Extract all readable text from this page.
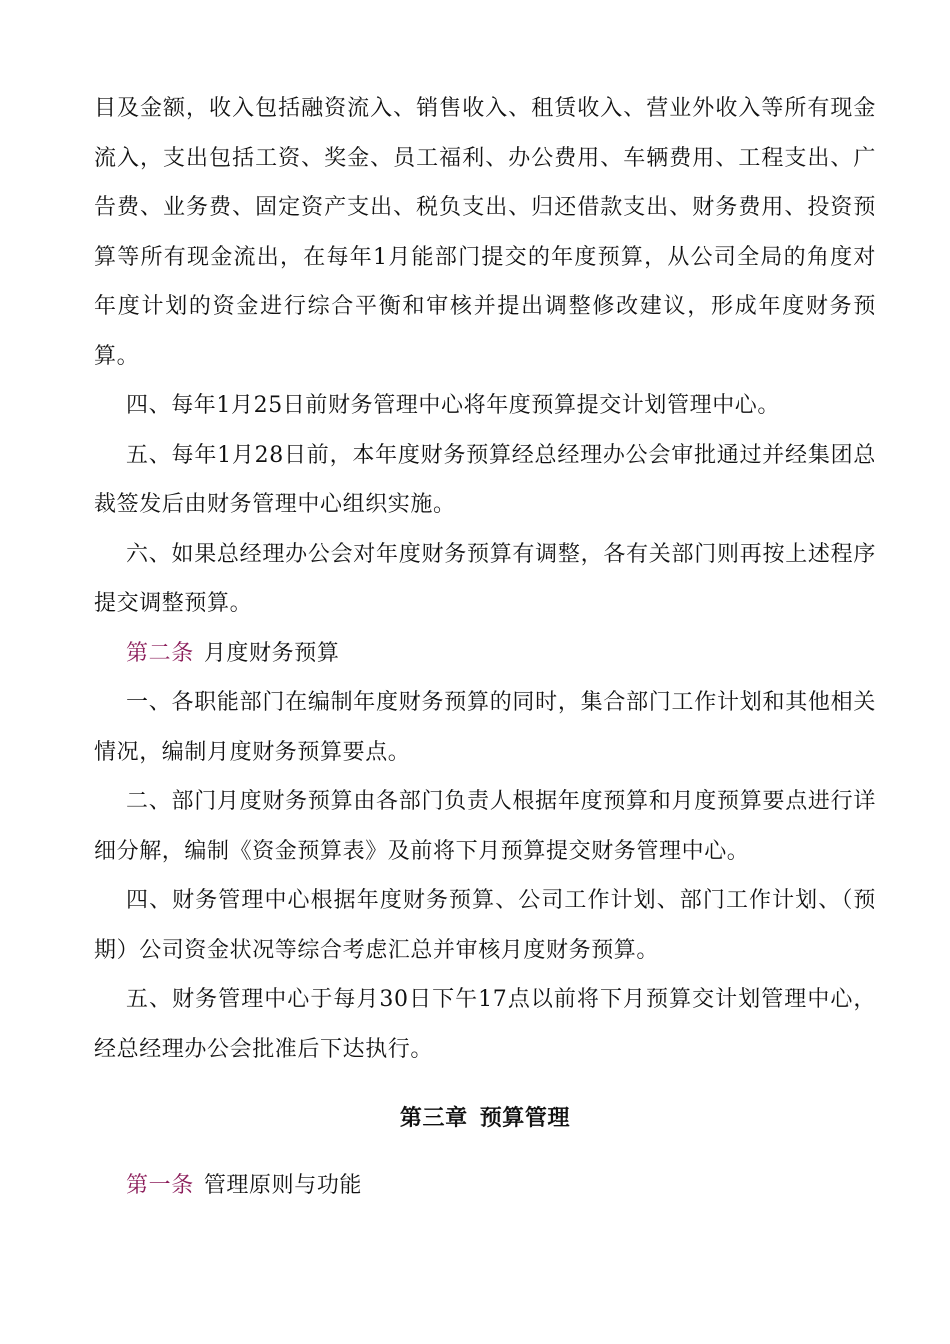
目及金额，收入包括融资流入、销售收入、租赁收入、营业外收入等所有现金流入，支出包括工资、奖金、员工福利、办公费用、车辆费用、工程支出、广告费、业务费、固定资产支出、税负支出、归还借款支出、财务费用、投资预算等所有现金流出，在每年1月能部门提交的年度预算，从公司全局的角度对年度计划的资金进行综合平衡和审核并提出调整修改建议，形成年度财务预算。

四、每年1月25日前财务管理中心将年度预算提交计划管理中心。

五、每年1月28日前，本年度财务预算经总经理办公会审批通过并经集团总裁签发后由财务管理中心组织实施。

六、如果总经理办公会对年度财务预算有调整，各有关部门则再按上述程序提交调整预算。

第二条 月度财务预算

一、各职能部门在编制年度财务预算的同时，集合部门工作计划和其他相关情况，编制月度财务预算要点。

二、部门月度财务预算由各部门负责人根据年度预算和月度预算要点进行详细分解，编制《资金预算表》及前将下月预算提交财务管理中心。

四、财务管理中心根据年度财务预算、公司工作计划、部门工作计划、（预期）公司资金状况等综合考虑汇总并审核月度财务预算。

五、财务管理中心于每月30日下午17点以前将下月预算交计划管理中心，经总经理办公会批准后下达执行。

第三章 预算管理

第一条 管理原则与功能
